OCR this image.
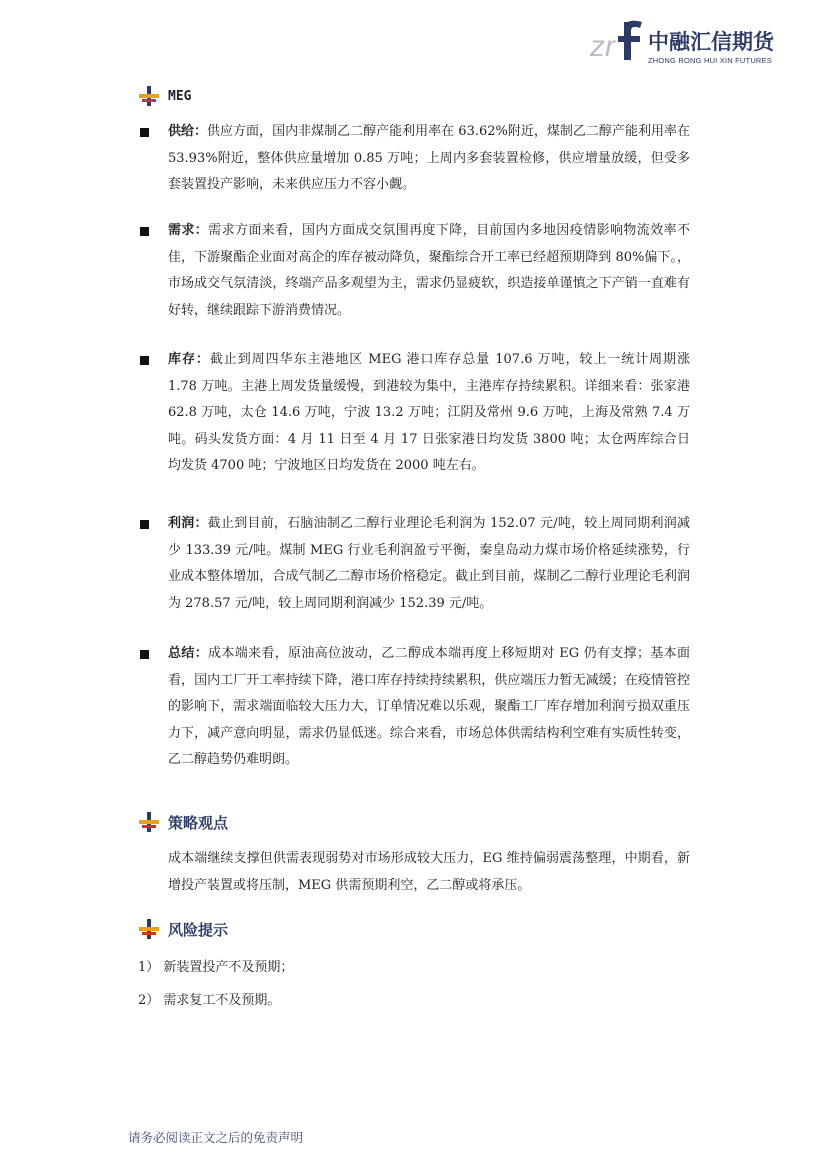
zr 中融汇信期货
ZHONG RONG HUI XIN FUTURES
MEG
供给：供应方面，国内非煤制乙二醇产能利用率在 63.62%附近，煤制乙二醇产能利用率在 53.93%附近，整体供应量增加 0.85 万吨；上周内多套装置检修，供应增量放缓，但受多套装置投产影响，未来供应压力不容小觑。
需求：需求方面来看，国内方面成交氛围再度下降，目前国内多地因疫情影响物流效率不佳，下游聚酯企业面对高企的库存被动降负，聚酯综合开工率已经超预期降到 80%偏下。，市场成交气氛清淡，终端产品多观望为主，需求仍显疲软，织造接单谨慎之下产销一直难有好转，继续跟踪下游消费情况。
库存：截止到周四华东主港地区 MEG 港口库存总量 107.6 万吨，较上一统计周期涨 1.78 万吨。主港上周发货量缓慢，到港较为集中，主港库存持续累积。详细来看：张家港 62.8 万吨，太仓 14.6 万吨，宁波 13.2 万吨；江阴及常州 9.6 万吨，上海及常熟 7.4 万吨。码头发货方面：4 月 11 日至 4 月 17 日张家港日均发货 3800 吨；太仓两库综合日均发货 4700 吨；宁波地区日均发货在 2000 吨左右。
利润：截止到目前，石脑油制乙二醇行业理论毛利润为 152.07 元/吨，较上周同期利润减少 133.39 元/吨。煤制 MEG 行业毛利润盈亏平衡，秦皇岛动力煤市场价格延续涨势，行业成本整体增加，合成气制乙二醇市场价格稳定。截止到目前，煤制乙二醇行业理论毛利润为 278.57 元/吨，较上周同期利润减少 152.39 元/吨。
总结：成本端来看，原油高位波动，乙二醇成本端再度上移短期对 EG 仍有支撑；基本面看，国内工厂开工率持续下降，港口库存持续持续累积，供应端压力暂无减缓；在疫情管控的影响下，需求端面临较大压力大，订单情况难以乐观，聚酯工厂库存增加利润亏损双重压力下，减产意向明显，需求仍显低迷。综合来看，市场总体供需结构利空难有实质性转变，乙二醇趋势仍难明朗。
策略观点
成本端继续支撑但供需表现弱势对市场形成较大压力，EG 维持偏弱震荡整理，中期看，新增投产装置或将压制，MEG 供需预期利空，乙二醇或将承压。
风险提示
1） 新装置投产不及预期；
2） 需求复工不及预期。
请务必阅读正文之后的免责声明
